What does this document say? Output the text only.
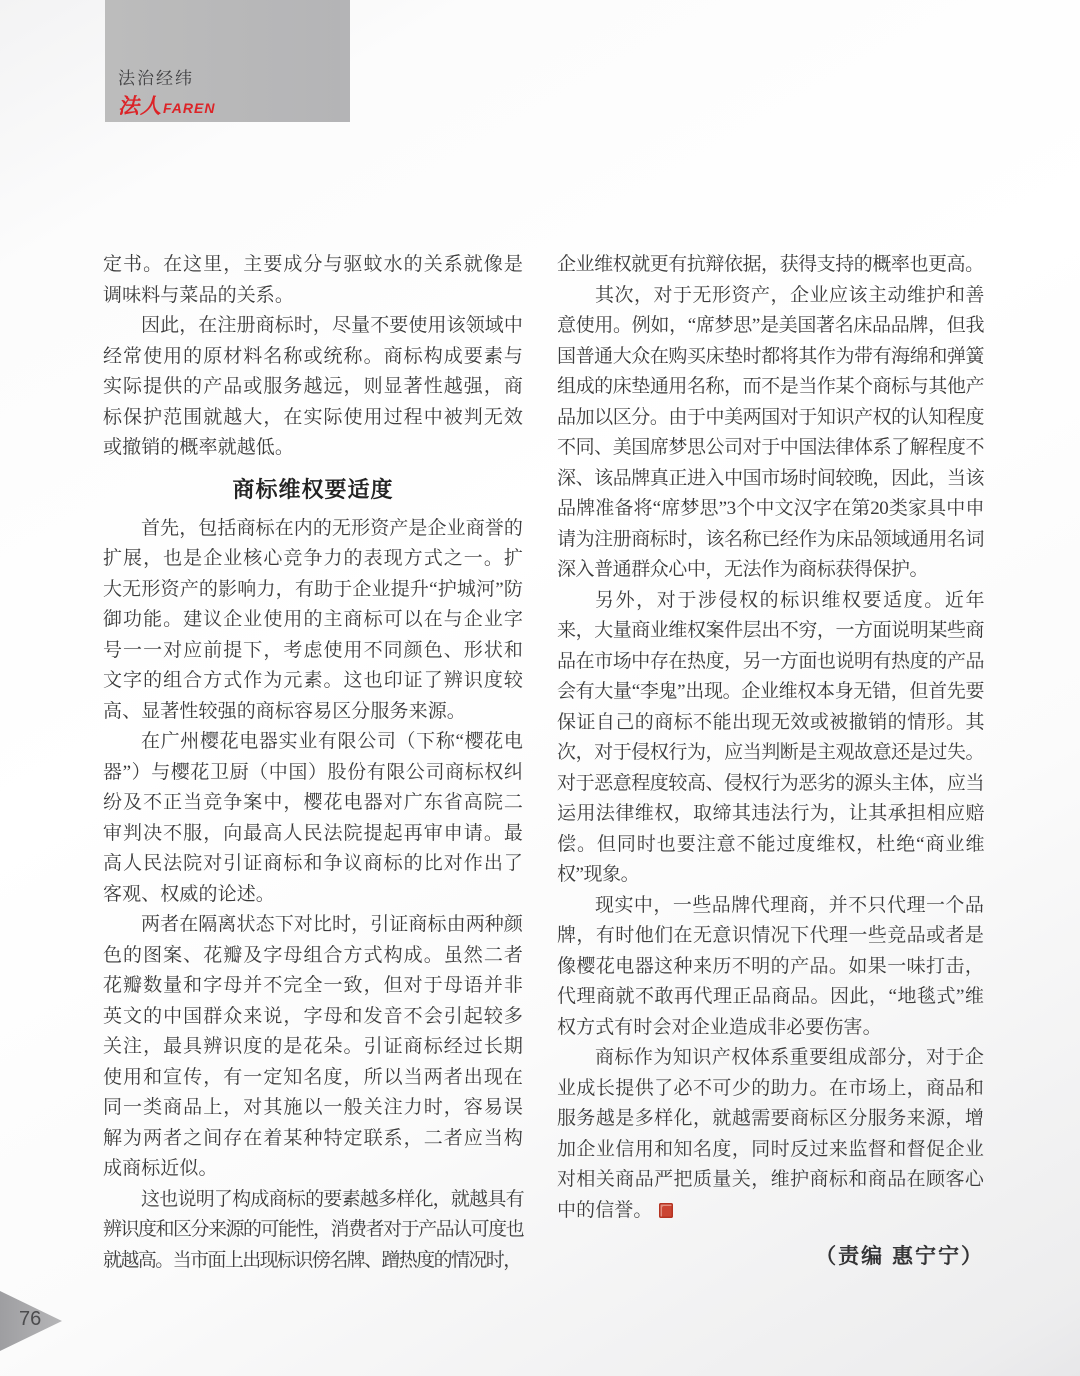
法治经纬
法人FAREN

定书。在这里，主要成分与驱蚊水的关系就像是调味料与菜品的关系。

因此，在注册商标时，尽量不要使用该领域中经常使用的原材料名称或统称。商标构成要素与实际提供的产品或服务越远，则显著性越强，商标保护范围就越大，在实际使用过程中被判无效或撤销的概率就越低。

商标维权要适度

首先，包括商标在内的无形资产是企业商誉的扩展，也是企业核心竞争力的表现方式之一。扩大无形资产的影响力，有助于企业提升“护城河”防御功能。建议企业使用的主商标可以在与企业字号一一对应前提下，考虑使用不同颜色、形状和文字的组合方式作为元素。这也印证了辨识度较高、显著性较强的商标容易区分服务来源。

在广州樱花电器实业有限公司（下称“樱花电器”）与樱花卫厨（中国）股份有限公司商标权纠纷及不正当竞争案中，樱花电器对广东省高院二审判决不服，向最高人民法院提起再审申请。最高人民法院对引证商标和争议商标的比对作出了客观、权威的论述。

两者在隔离状态下对比时，引证商标由两种颜色的图案、花瓣及字母组合方式构成。虽然二者花瓣数量和字母并不完全一致，但对于母语并非英文的中国群众来说，字母和发音不会引起较多关注，最具辨识度的是花朵。引证商标经过长期使用和宣传，有一定知名度，所以当两者出现在同一类商品上，对其施以一般关注力时，容易误解为两者之间存在着某种特定联系，二者应当构成商标近似。

这也说明了构成商标的要素越多样化，就越具有辨识度和区分来源的可能性，消费者对于产品认可度也就越高。当市面上出现标识傍名牌、蹭热度的情况时，

企业维权就更有抗辩依据，获得支持的概率也更高。

其次，对于无形资产，企业应该主动维护和善意使用。例如，“席梦思”是美国著名床品品牌，但我国普通大众在购买床垫时都将其作为带有海绵和弹簧组成的床垫通用名称，而不是当作某个商标与其他产品加以区分。由于中美两国对于知识产权的认知程度不同、美国席梦思公司对于中国法律体系了解程度不深、该品牌真正进入中国市场时间较晚，因此，当该品牌准备将“席梦思”3个中文汉字在第20类家具中申请为注册商标时，该名称已经作为床品领域通用名词深入普通群众心中，无法作为商标获得保护。

另外，对于涉侵权的标识维权要适度。近年来，大量商业维权案件层出不穷，一方面说明某些商品在市场中存在热度，另一方面也说明有热度的产品会有大量“李鬼”出现。企业维权本身无错，但首先要保证自己的商标不能出现无效或被撤销的情形。其次，对于侵权行为，应当判断是主观故意还是过失。对于恶意程度较高、侵权行为恶劣的源头主体，应当运用法律维权，取缔其违法行为，让其承担相应赔偿。但同时也要注意不能过度维权，杜绝“商业维权”现象。

现实中，一些品牌代理商，并不只代理一个品牌，有时他们在无意识情况下代理一些竞品或者是像樱花电器这种来历不明的产品。如果一味打击，代理商就不敢再代理正品商品。因此，“地毯式”维权方式有时会对企业造成非必要伤害。

商标作为知识产权体系重要组成部分，对于企业成长提供了必不可少的助力。在市场上，商品和服务越是多样化，就越需要商标区分服务来源，增加企业信用和知名度，同时反过来监督和督促企业对相关商品严把质量关，维护商标和商品在顾客心中的信誉。

（责编 惠宁宁）
76
